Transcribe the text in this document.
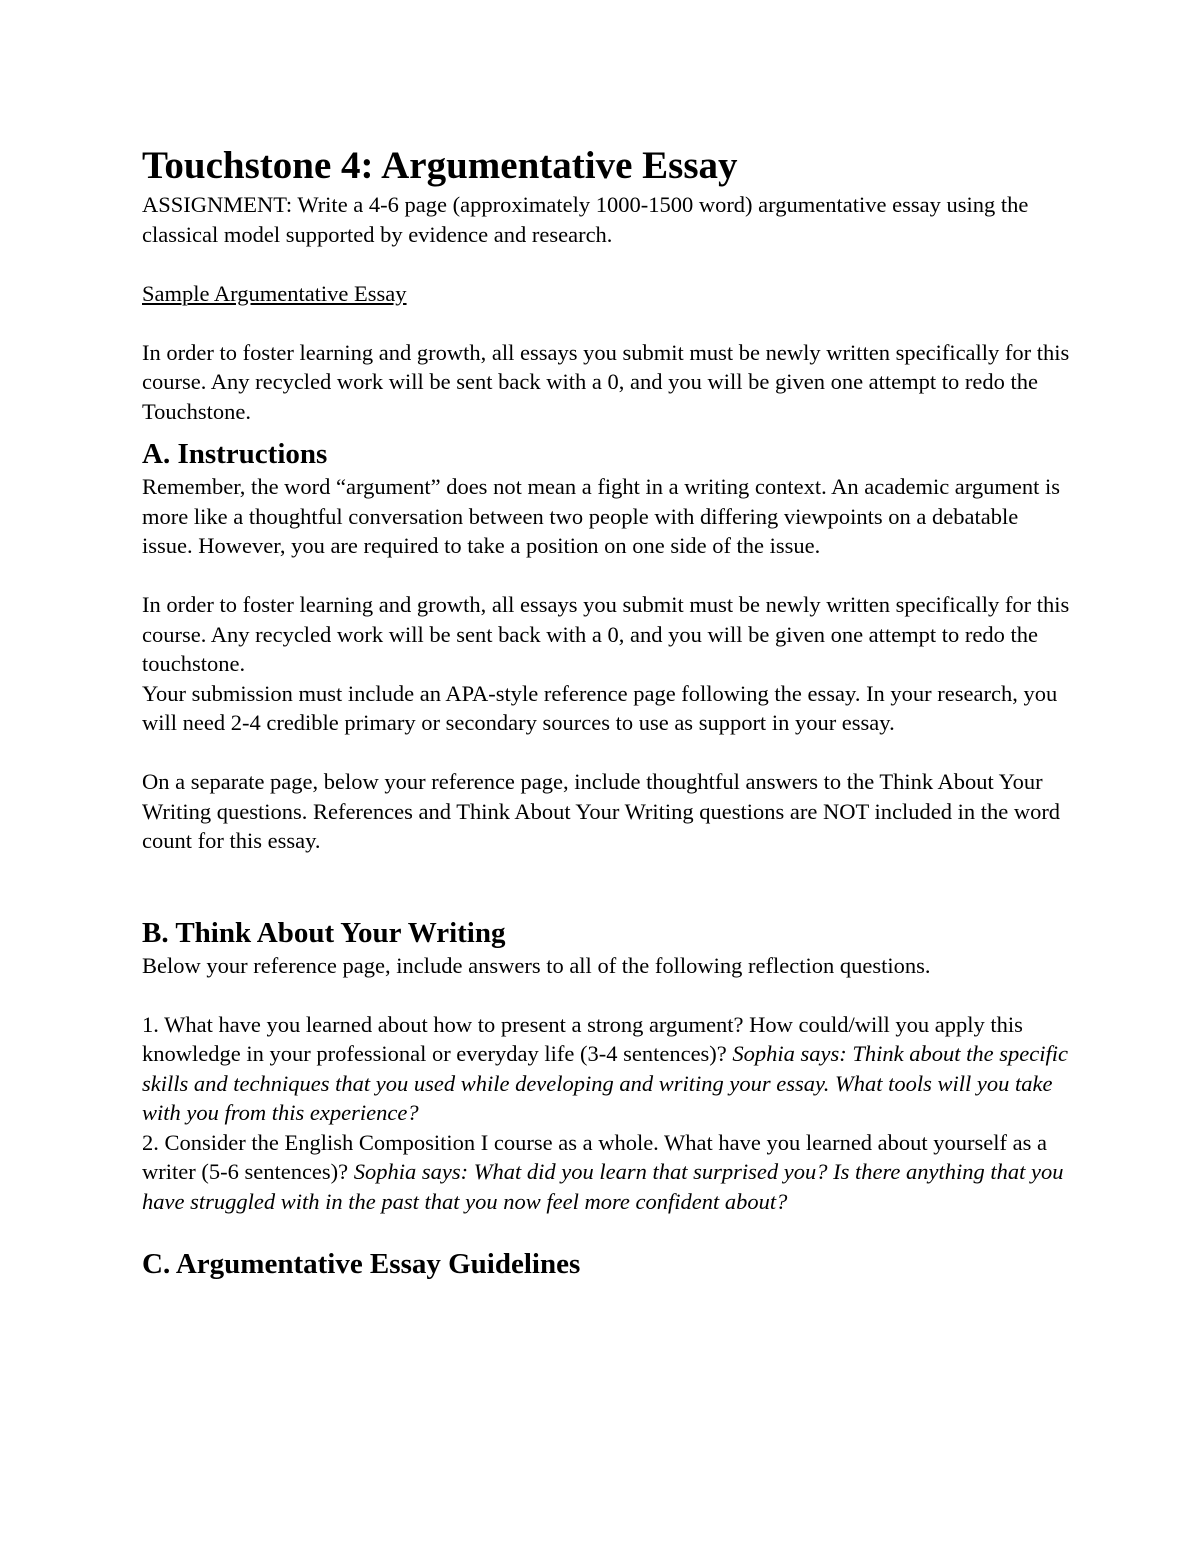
Touchstone 4: Argumentative Essay

ASSIGNMENT: Write a 4-6 page (approximately 1000-1500 word) argumentative essay using the classical model supported by evidence and research.

Sample Argumentative Essay

In order to foster learning and growth, all essays you submit must be newly written specifically for this course. Any recycled work will be sent back with a 0, and you will be given one attempt to redo the Touchstone.

A. Instructions

Remember, the word “argument” does not mean a fight in a writing context. An academic argument is more like a thoughtful conversation between two people with differing viewpoints on a debatable issue. However, you are required to take a position on one side of the issue.

In order to foster learning and growth, all essays you submit must be newly written specifically for this course. Any recycled work will be sent back with a 0, and you will be given one attempt to redo the touchstone.

Your submission must include an APA-style reference page following the essay. In your research, you will need 2-4 credible primary or secondary sources to use as support in your essay.

On a separate page, below your reference page, include thoughtful answers to the Think About Your Writing questions. References and Think About Your Writing questions are NOT included in the word count for this essay.

B. Think About Your Writing

Below your reference page, include answers to all of the following reflection questions.

1. What have you learned about how to present a strong argument? How could/will you apply this knowledge in your professional or everyday life (3-4 sentences)? Sophia says: Think about the specific skills and techniques that you used while developing and writing your essay. What tools will you take with you from this experience?

2. Consider the English Composition I course as a whole. What have you learned about yourself as a writer (5-6 sentences)? Sophia says: What did you learn that surprised you? Is there anything that you have struggled with in the past that you now feel more confident about?

C. Argumentative Essay Guidelines
